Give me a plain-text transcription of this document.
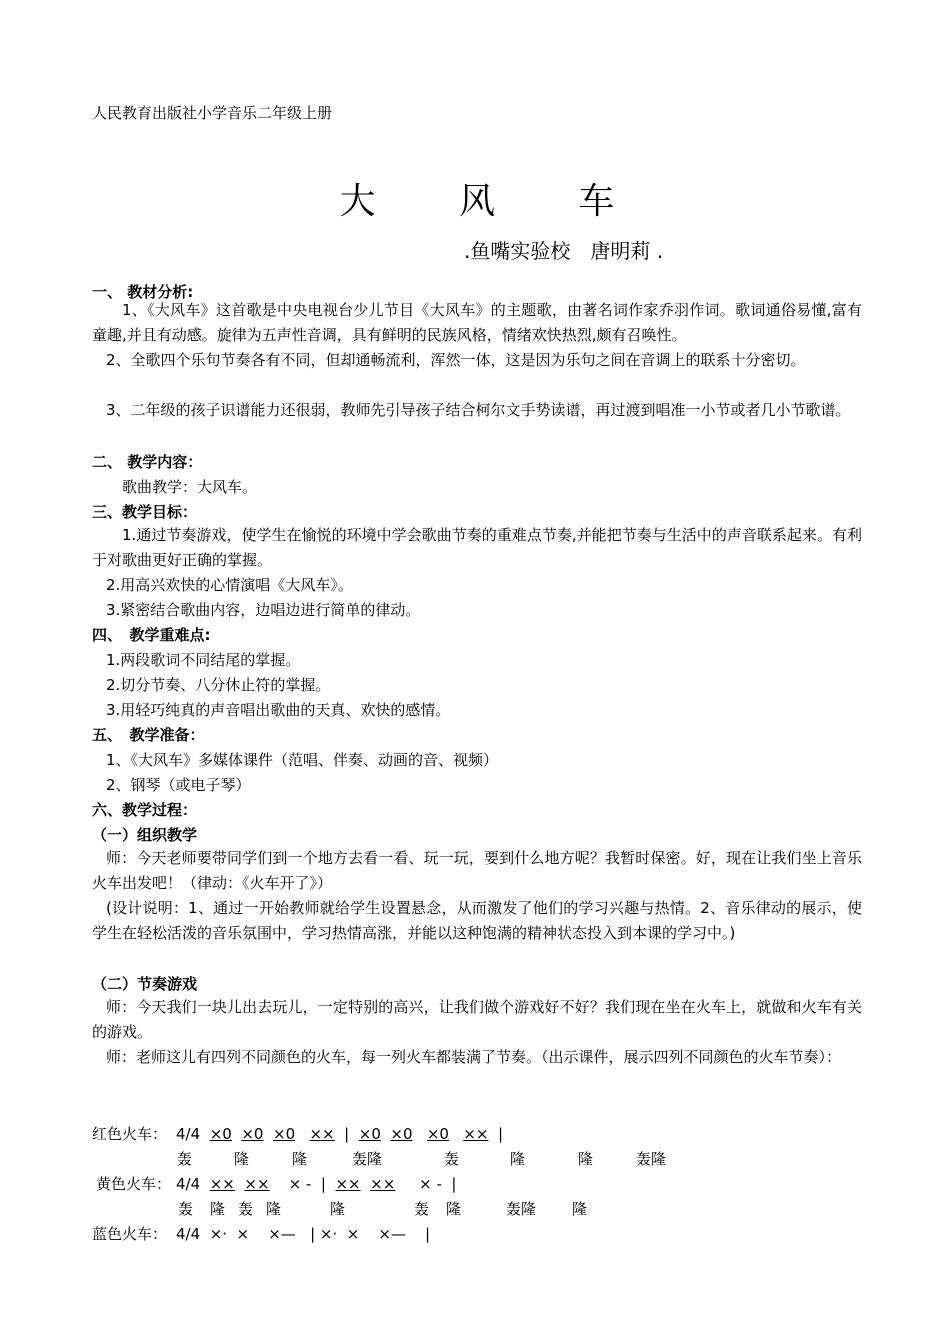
人民教育出版社小学音乐二年级上册
大 风 车
.鱼嘴实验校　唐明莉 .
一、 教材分析:
1、《大风车》这首歌是中央电视台少儿节目《大风车》的主题歌，由著名词作家乔羽作词。歌词通俗易懂,富有童趣,并且有动感。旋律为五声性音调，具有鲜明的民族风格，情绪欢快热烈,颇有召唤性。
2、全歌四个乐句节奏各有不同，但却通畅流利，浑然一体，这是因为乐句之间在音调上的联系十分密切。
3、二年级的孩子识谱能力还很弱，教师先引导孩子结合柯尔文手势读谱，再过渡到唱准一小节或者几小节歌谱。
二、 教学内容：
歌曲教学：大风车。
三、教学目标：
1.通过节奏游戏，使学生在愉悦的环境中学会歌曲节奏的重难点节奏,并能把节奏与生活中的声音联系起来。有利于对歌曲更好正确的掌握。
2.用高兴欢快的心情演唱《大风车》。
3.紧密结合歌曲内容，边唱边进行简单的律动。
四、　教学重难点:
1.两段歌词不同结尾的掌握。
2.切分节奏、八分休止符的掌握。
3.用轻巧纯真的声音唱出歌曲的天真、欢快的感情。
五、　教学准备：
1、《大风车》多媒体课件（范唱、伴奏、动画的音、视频）
2、钢琴（或电子琴）
六、教学过程：
（一）组织教学
师：今天老师要带同学们到一个地方去看一看、玩一玩，要到什么地方呢？我暂时保密。好，现在让我们坐上音乐火车出发吧！（律动：《火车开了》）
(设计说明：1、通过一开始教师就给学生设置悬念，从而激发了他们的学习兴趣与热情。2、音乐律动的展示，使学生在轻松活泼的音乐氛围中，学习热情高涨，并能以这种饱满的精神状态投入到本课的学习中。)
（二）节奏游戏
师：今天我们一块儿出去玩儿，一定特别的高兴，让我们做个游戏好不好？我们现在坐在火车上，就做和火车有关的游戏。
师：老师这儿有四列不同颜色的火车，每一列火车都装满了节奏。（出示课件，展示四列不同颜色的火车节奏）：
红色火车： 4/4 ×0 ×0 ×0 ××  |  ×0 ×0 ×0 ××  |
轰	隆	隆	轰隆	轰	隆	隆	轰隆
黄色火车： 4/4 ×× ××    × -  |  ×× ××     × -  |
轰 隆 轰 隆	隆	轰 隆	轰隆 隆
蓝色火车： 4/4  ×·  ×    ×—   | ×·  ×    ×—    |
